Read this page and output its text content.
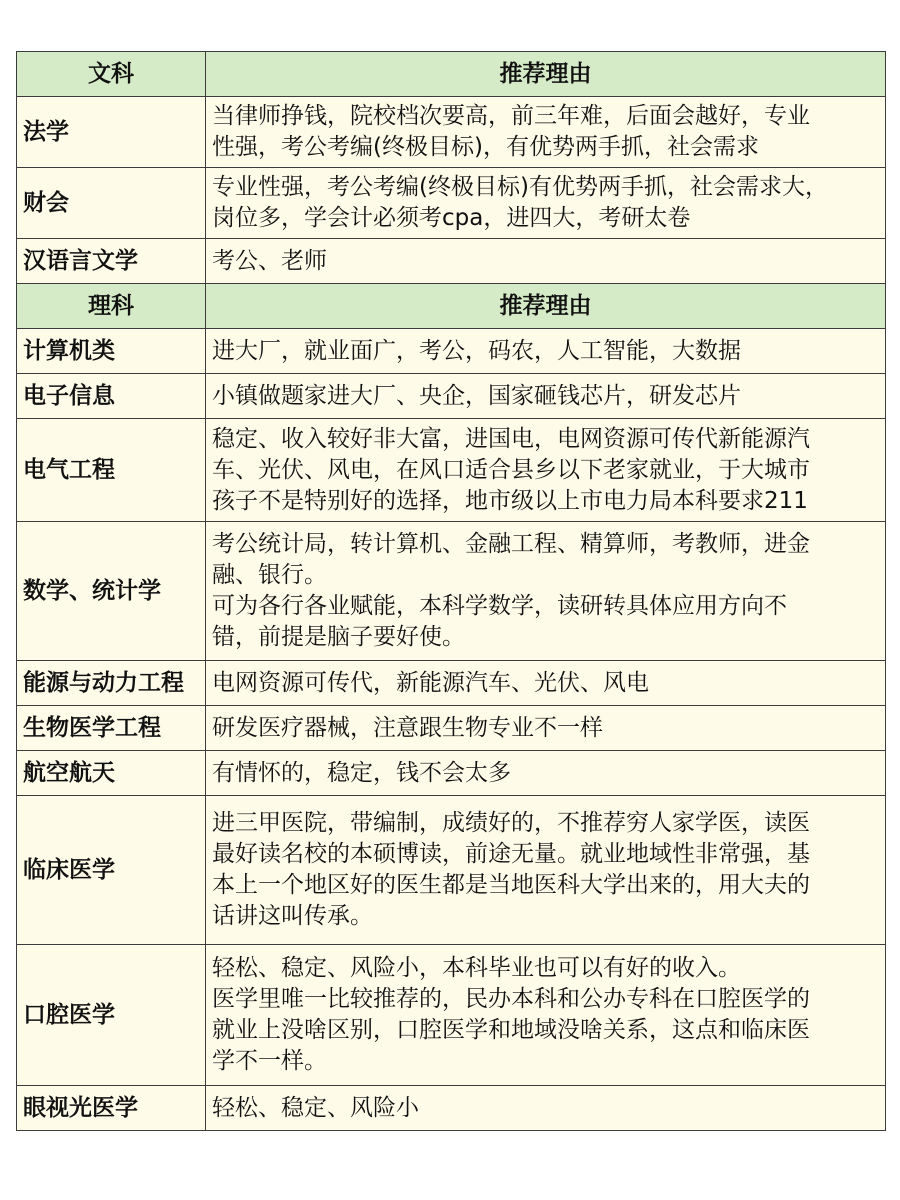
文科	推荐理由
法学	当律师挣钱，院校档次要高，前三年难，后面会越好，专业
性强，考公考编(终极目标)，有优势两手抓，社会需求

财会	专业性强，考公考编(终极目标)有优势两手抓，社会需求大，
岗位多，学会计必须考cpa，进四大，考研太卷

汉语言文学	考公、老师

理科	推荐理由
计算机类	进大厂，就业面广，考公，码农，人工智能，大数据

电子信息	小镇做题家进大厂、央企，国家砸钱芯片，研发芯片

电气工程	稳定、收入较好非大富，进国电，电网资源可传代新能源汽
车、光伏、风电，在风口适合县乡以下老家就业，于大城市
孩子不是特别好的选择，地市级以上市电力局本科要求211

数学、统计学	考公统计局，转计算机、金融工程、精算师，考教师，进金
融、银行。
可为各行各业赋能，本科学数学，读研转具体应用方向不
错，前提是脑子要好使。

能源与动力工程	电网资源可传代，新能源汽车、光伏、风电

生物医学工程	研发医疗器械，注意跟生物专业不一样

航空航天	有情怀的，稳定，钱不会太多

临床医学	进三甲医院，带编制，成绩好的，不推荐穷人家学医，读医
最好读名校的本硕博读，前途无量。就业地域性非常强，基
本上一个地区好的医生都是当地医科大学出来的，用大夫的
话讲这叫传承。

口腔医学	轻松、稳定、风险小，本科毕业也可以有好的收入。
医学里唯一比较推荐的，民办本科和公办专科在口腔医学的
就业上没啥区别，口腔医学和地域没啥关系，这点和临床医
学不一样。

眼视光医学	轻松、稳定、风险小
